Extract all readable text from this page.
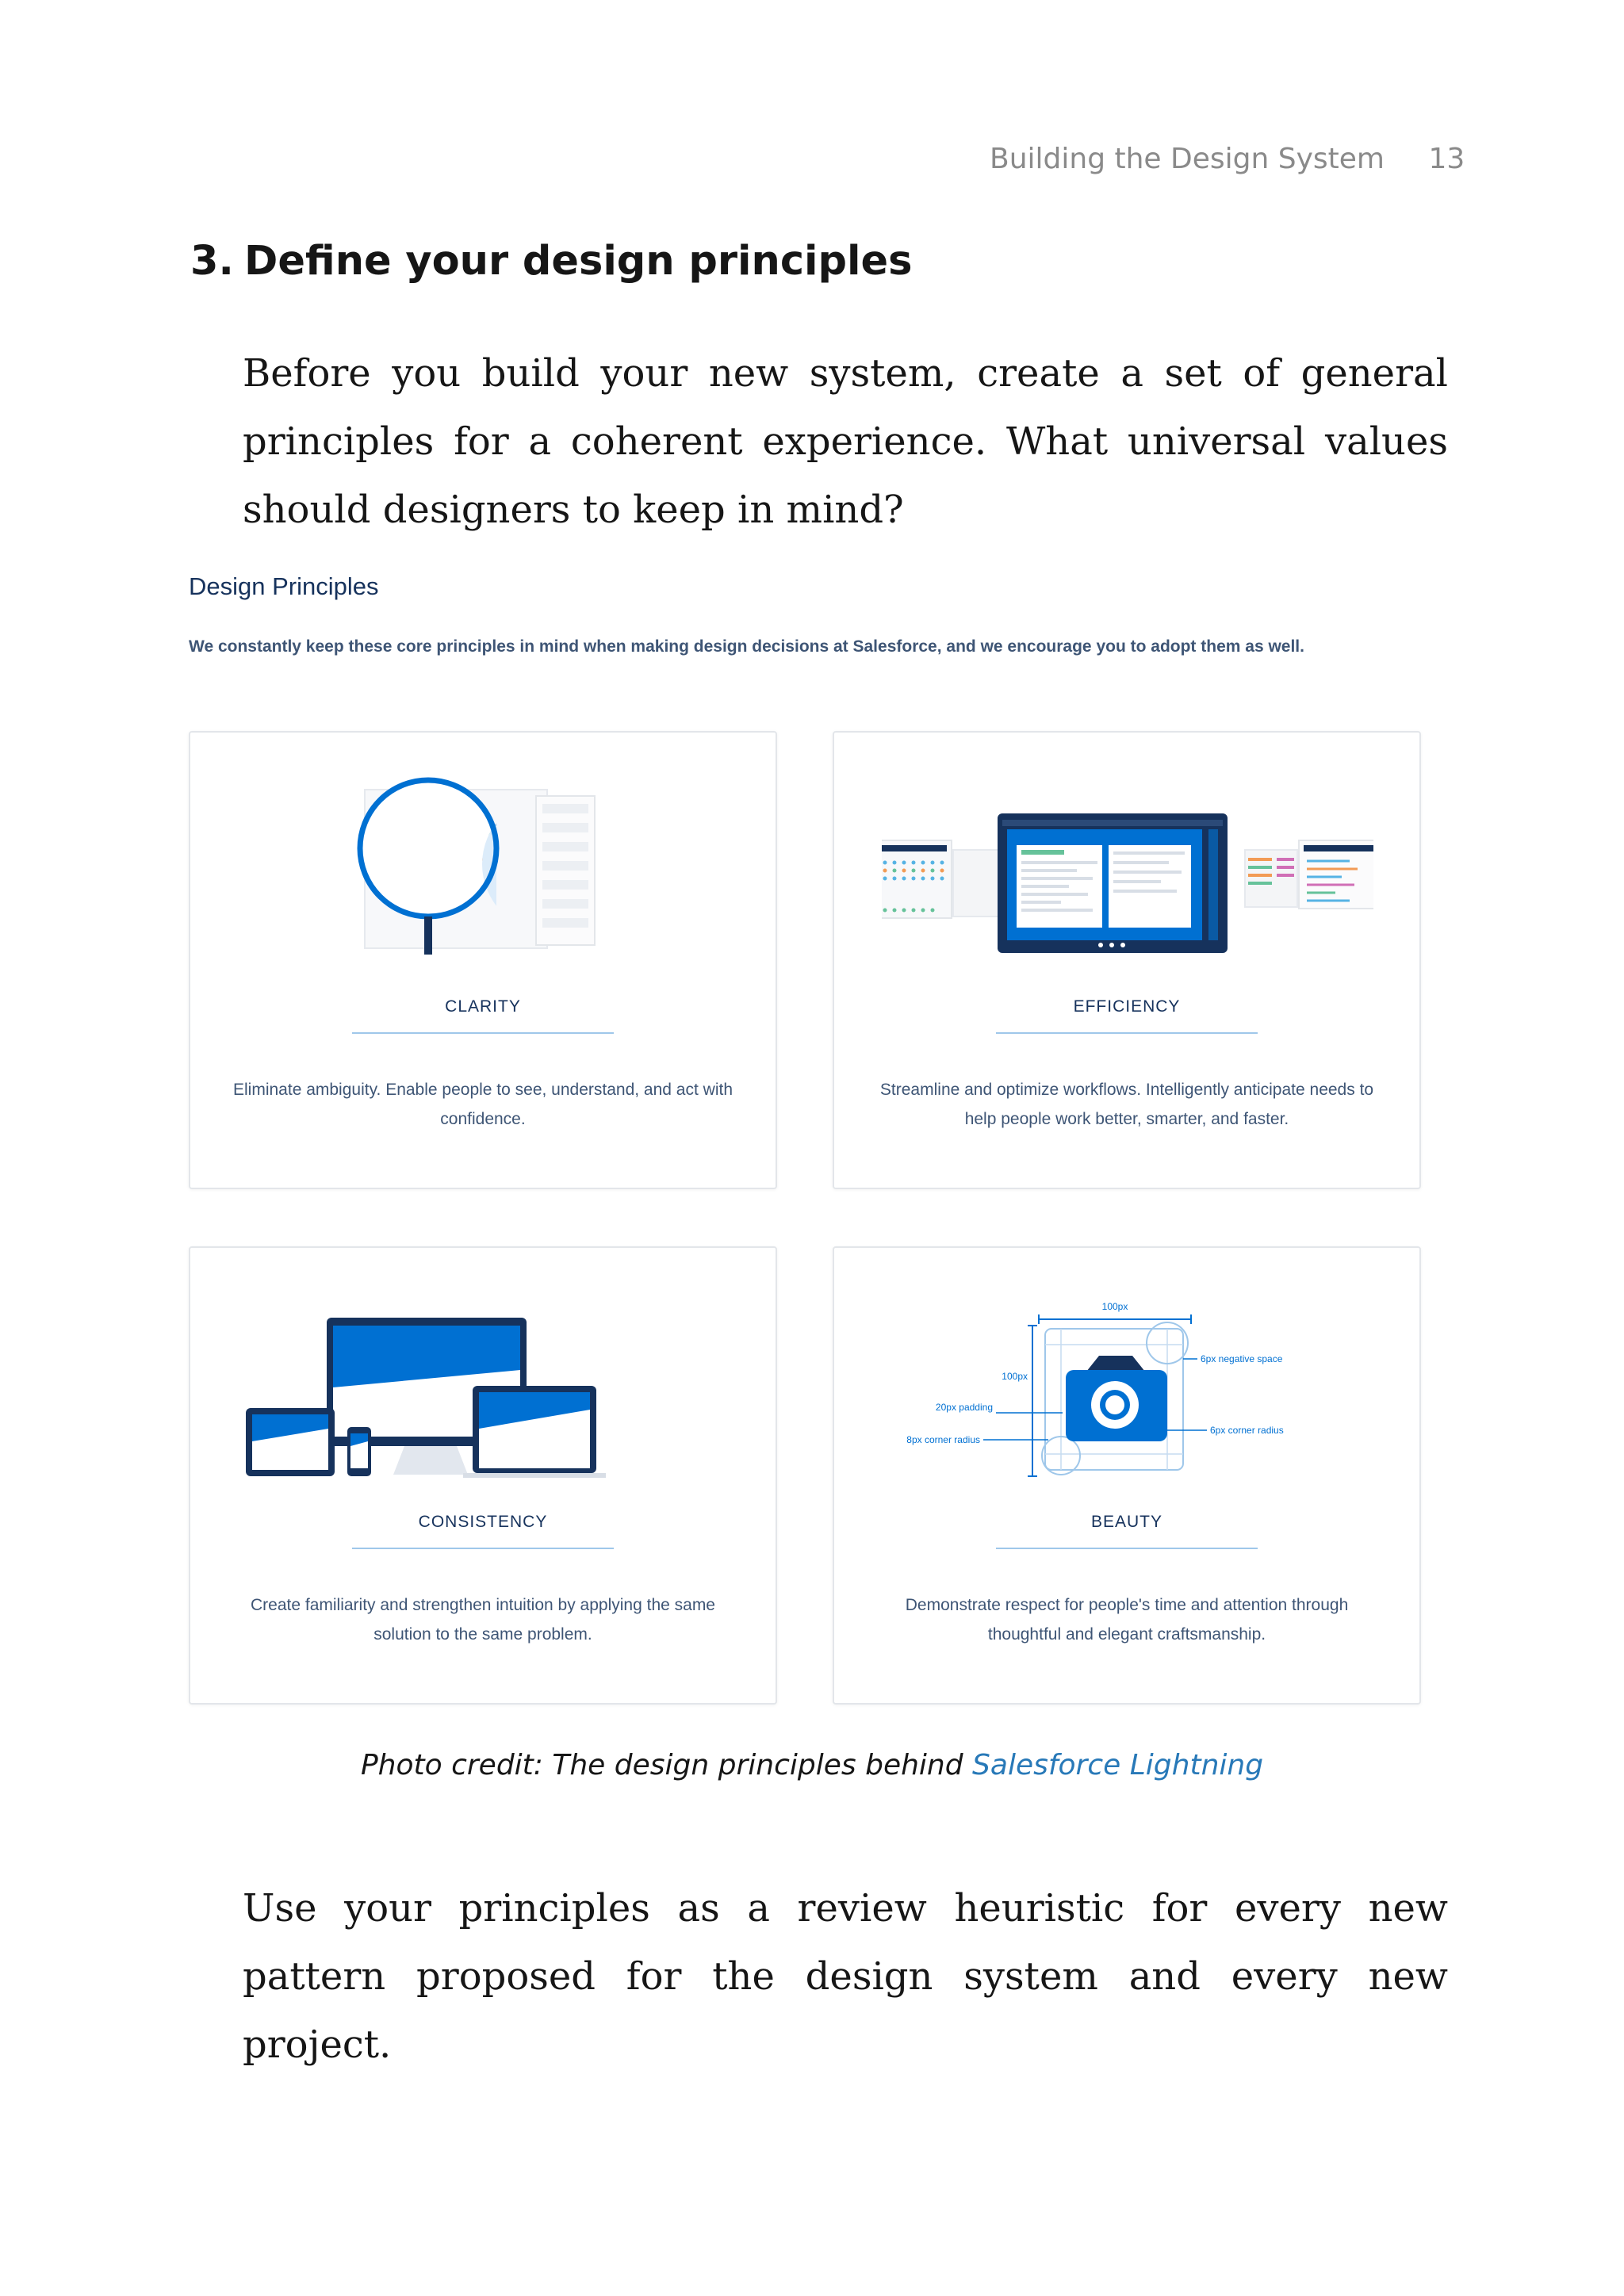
Building the Design System 13
3. Define your design principles

Before you build your new system, create a set of general principles for a coherent experience. What universal values should designers to keep in mind?

Design Principles
We constantly keep these core principles in mind when making design decisions at Salesforce, and we encourage you to adopt them as well.
CLARITY
Eliminate ambiguity. Enable people to see, understand, and act with confidence.
EFFICIENCY
Streamline and optimize workflows. Intelligently anticipate needs to help people work better, smarter, and faster.
CONSISTENCY
Create familiarity and strengthen intuition by applying the same solution to the same problem.
100px
100px
20px padding
6px negative space
6px corner radius
8px corner radius
BEAUTY
Demonstrate respect for people's time and attention through thoughtful and elegant craftsmanship.
Photo credit: The design principles behind Salesforce Lightning

Use your principles as a review heuristic for every new pattern proposed for the design system and every new project.
